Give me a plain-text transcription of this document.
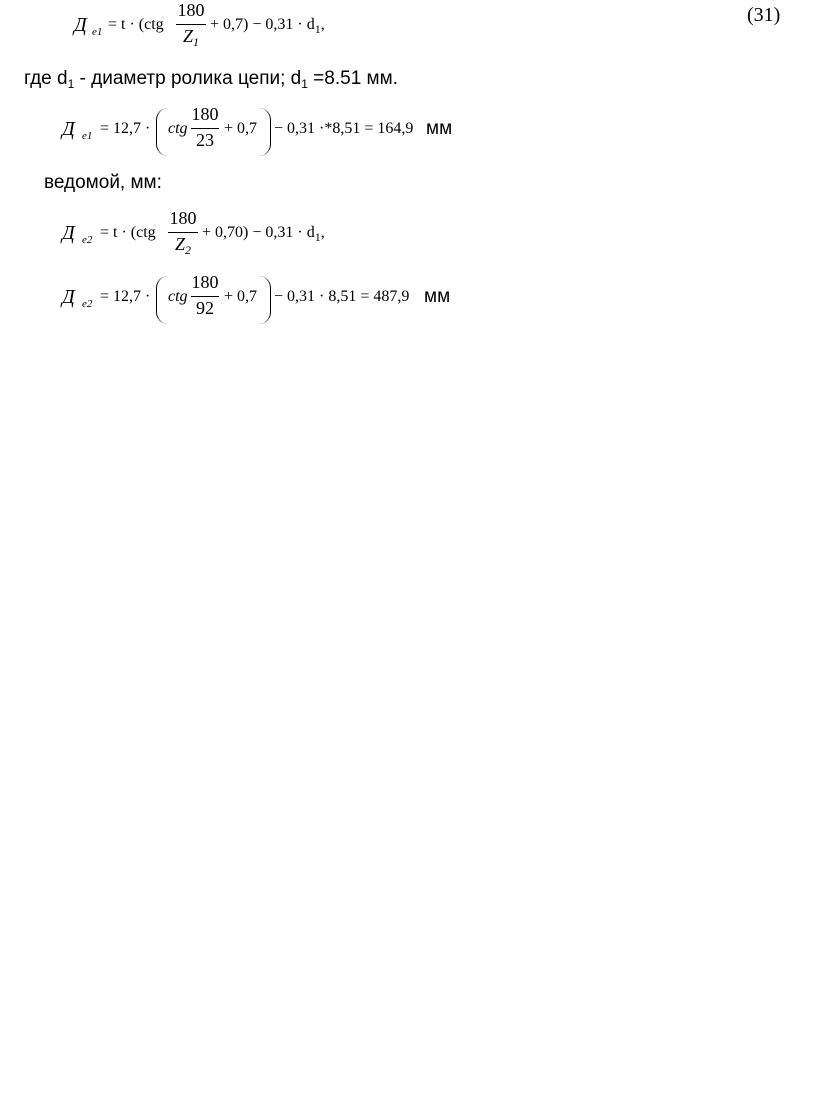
(31)
Д e1 = t · (ctg
180
$Z_1$
+ $0,7) - 0,31 \cdot d_1$,
где $d_1$ - диаметр ролика цепи; $d_1 =8.51$ мм.
Д e1 = 12,7 · ctg
180
23
+ 0,7 − 0,31 ·*8,51 = 164,9 мм
ведомой, мм:
Д e2 = t · (ctg
180
$Z_2$
+ $0,70) - 0,31 \cdot d_1$,
Д e2 = 12,7 · ctg
180
92
+ 0,7 − 0,31 · 8,51 = 487,9 мм
